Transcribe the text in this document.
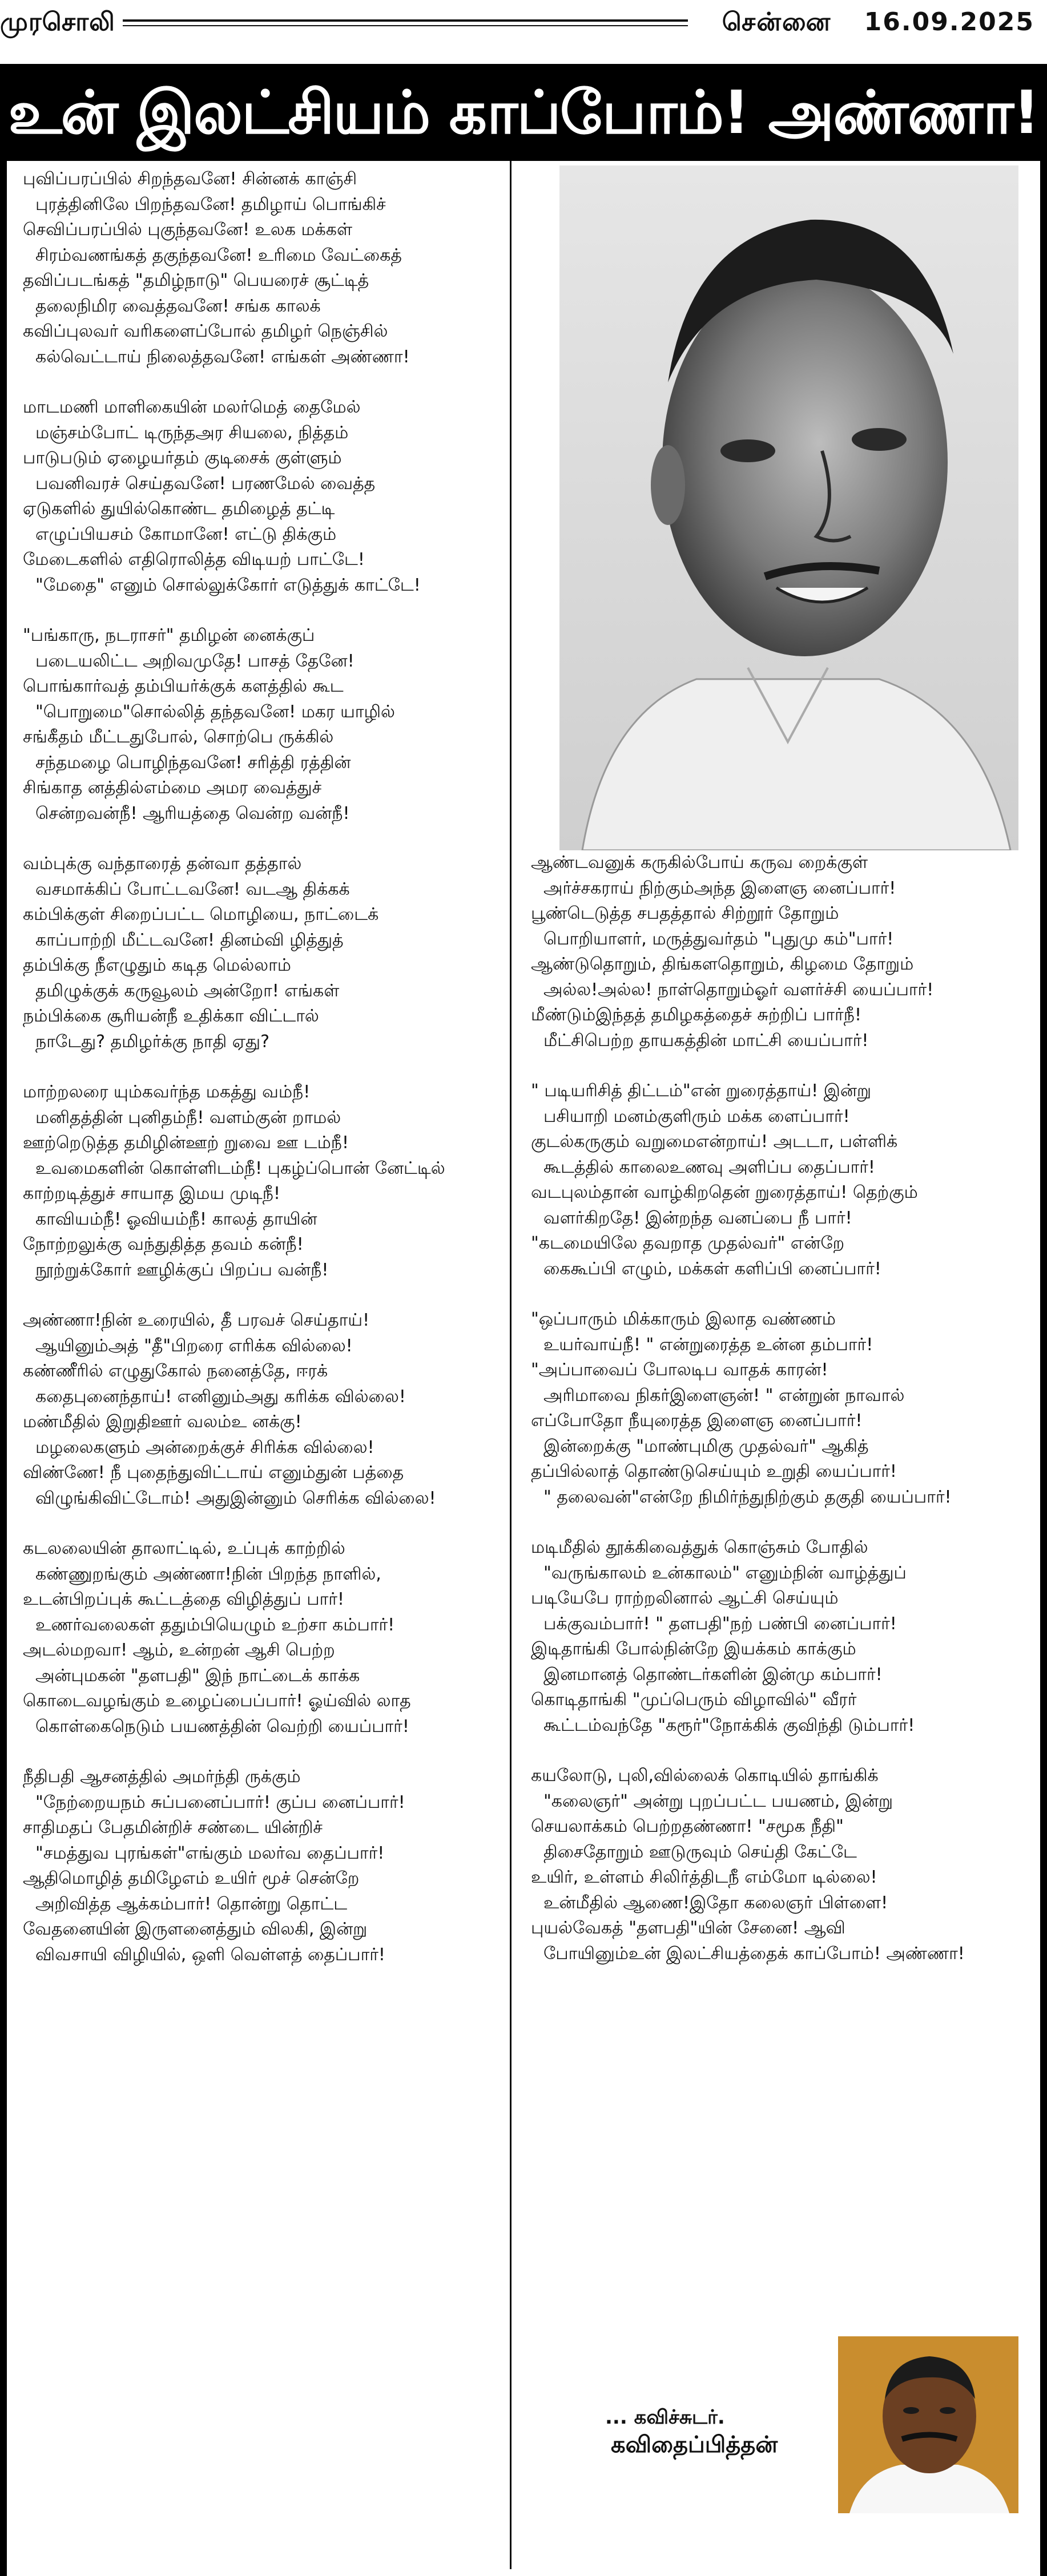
முரசொலி	சென்னை 16.09.2025
உன் இலட்சியம் காப்போம்! அண்ணா!
புவிப்பரப்பில் சிறந்தவனே! சின்னக் காஞ்சி
புரத்தினிலே பிறந்தவனே! தமிழாய் பொங்கிச்
செவிப்பரப்பில் புகுந்தவனே! உலக மக்கள்
சிரம்வணங்கத் தகுந்தவனே! உரிமை வேட்கைத்
தவிப்படங்கத் "தமிழ்நாடு" பெயரைச் சூட்டித்
தலைநிமிர வைத்தவனே! சங்க காலக்
கவிப்புலவர் வரிகளைப்போல் தமிழர் நெஞ்சில்
கல்வெட்டாய் நிலைத்தவனே! எங்கள் அண்ணா!
மாடமணி மாளிகையின் மலர்மெத் தைமேல்
மஞ்சம்போட் டிருந்தஅர சியலை, நித்தம்
பாடுபடும் ஏழையர்தம் குடிசைக் குள்ளும்
பவனிவரச் செய்தவனே! பரணமேல் வைத்த
ஏடுகளில் துயில்கொண்ட தமிழைத் தட்டி
எழுப்பியசம் கோமானே! எட்டு திக்கும்
மேடைகளில் எதிரொலித்த விடியற் பாட்டே!
"மேதை" எனும் சொல்லுக்கோர் எடுத்துக் காட்டே!
"பங்காரு, நடராசர்" தமிழன் னைக்குப்
படையலிட்ட அறிவமுதே! பாசத் தேனே!
பொங்கார்வத் தம்பியர்க்குக் களத்தில் கூட
"பொறுமை"சொல்லித் தந்தவனே! மகர யாழில்
சங்கீதம் மீட்டதுபோல், சொற்பெ ருக்கில்
சந்தமழை பொழிந்தவனே! சரித்தி ரத்தின்
சிங்காத னத்தில்எம்மை அமர வைத்துச்
சென்றவன்நீ! ஆரியத்தை வென்ற வன்நீ!
வம்புக்கு வந்தாரைத் தன்வா தத்தால்
வசமாக்கிப் போட்டவனே! வடஆ திக்கக்
கம்பிக்குள் சிறைப்பட்ட மொழியை, நாட்டைக்
காப்பாற்றி மீட்டவனே! தினம்வி ழித்துத்
தம்பிக்கு நீஎழுதும் கடித மெல்லாம்
தமிழுக்குக் கருவூலம் அன்றோ! எங்கள்
நம்பிக்கை சூரியன்நீ உதிக்கா விட்டால்
நாடேது? தமிழர்க்கு நாதி ஏது?
மாற்றலரை யும்கவர்ந்த மகத்து வம்நீ!
மனிதத்தின் புனிதம்நீ! வளம்குன் றாமல்
ஊற்றெடுத்த தமிழின்ஊற் றுவை ஊ டம்நீ!
உவமைகளின் கொள்ளிடம்நீ! புகழ்ப்பொன் னேட்டில்
காற்றடித்துச் சாயாத இமய முடிநீ!
காவியம்நீ! ஓவியம்நீ! காலத் தாயின்
நோற்றலுக்கு வந்துதித்த தவம் கன்நீ!
நூற்றுக்கோர் ஊழிக்குப் பிறப்ப வன்நீ!
அண்ணா!நின் உரையில், தீ பரவச் செய்தாய்!
ஆயினும்அத் "தீ"பிறரை எரிக்க வில்லை!
கண்ணீரில் எழுதுகோல் நனைத்தே, ஈரக்
கதைபுனைந்தாய்! எனினும்அது கரிக்க வில்லை!
மண்மீதில் இறுதிஊர் வலம்உ னக்கு!
மழலைகளும் அன்றைக்குச் சிரிக்க வில்லை!
விண்ணே! நீ புதைந்துவிட்டாய் எனும்துன் பத்தை
விழுங்கிவிட்டோம்! அதுஇன்னும் செரிக்க வில்லை!
கடலலையின் தாலாட்டில், உப்புக் காற்றில்
கண்ணுறங்கும் அண்ணா!நின் பிறந்த நாளில்,
உடன்பிறப்புக் கூட்டத்தை விழித்துப் பார்!
உணர்வலைகள் ததும்பியெழும் உற்சா கம்பார்!
அடல்மறவா! ஆம், உன்றன் ஆசி பெற்ற
அன்புமகன் "தளபதி" இந் நாட்டைக் காக்க
கொடைவழங்கும் உழைப்பைப்பார்! ஓய்வில் லாத
கொள்கைநெடும் பயணத்தின் வெற்றி யைப்பார்!
நீதிபதி ஆசனத்தில் அமர்ந்தி ருக்கும்
"நேற்றையநம் சுப்பனைப்பார்! குப்ப னைப்பார்!
சாதிமதப் பேதமின்றிச் சண்டை யின்றிச்
"சமத்துவ புரங்கள்"எங்கும் மலர்வ தைப்பார்!
ஆதிமொழித் தமிழேஎம் உயிர் மூச் சென்றே
அறிவித்த ஆக்கம்பார்! தொன்று தொட்ட
வேதனையின் இருளனைத்தும் விலகி, இன்று
விவசாயி விழியில், ஒளி வெள்ளத் தைப்பார்!
ஆண்டவனுக் கருகில்போய் கருவ றைக்குள்
அர்ச்சகராய் நிற்கும்அந்த இளைஞ னைப்பார்!
பூண்டெடுத்த சபதத்தால் சிற்றூர் தோறும்
பொறியாளர், மருத்துவர்தம் "புதுமு கம்"பார்!
ஆண்டுதொறும், திங்களதொறும், கிழமை தோறும்
அல்ல!அல்ல! நாள்தொறும்ஓர் வளர்ச்சி யைப்பார்!
மீண்டும்இந்தத் தமிழகத்தைச் சுற்றிப் பார்நீ!
மீட்சிபெற்ற தாயகத்தின் மாட்சி யைப்பார்!
" படியரிசித் திட்டம்"என் றுரைத்தாய்! இன்று
பசியாறி மனம்குளிரும் மக்க ளைப்பார்!
குடல்கருகும் வறுமைஎன்றாய்! அடடா, பள்ளிக்
கூடத்தில் காலைஉணவு அளிப்ப தைப்பார்!
வடபுலம்தான் வாழ்கிறதென் றுரைத்தாய்! தெற்கும்
வளர்கிறதே! இன்றந்த வனப்பை நீ பார்!
"கடமையிலே தவறாத முதல்வர்" என்றே
கைகூப்பி எழும், மக்கள் களிப்பி னைப்பார்!
"ஒப்பாரும் மிக்காரும் இலாத வண்ணம்
உயர்வாய்நீ! " என்றுரைத்த உன்ன தம்பார்!
"அப்பாவைப் போலடிப வாதக் காரன்!
அரிமாவை நிகர்இளைஞன்! " என்றுன் நாவால்
எப்போதோ நீயுரைத்த இளைஞ னைப்பார்!
இன்றைக்கு "மாண்புமிகு முதல்வர்" ஆகித்
தப்பில்லாத் தொண்டுசெய்யும் உறுதி யைப்பார்!
" தலைவன்"என்றே நிமிர்ந்துநிற்கும் தகுதி யைப்பார்!
மடிமீதில் தூக்கிவைத்துக் கொஞ்சும் போதில்
"வருங்காலம் உன்காலம்" எனும்நின் வாழ்த்துப்
படியேபே ராற்றலினால் ஆட்சி செய்யும்
பக்குவம்பார்! " தளபதி"நற் பண்பி னைப்பார்!
இடிதாங்கி போல்நின்றே இயக்கம் காக்கும்
இனமானத் தொண்டர்களின் இன்மு கம்பார்!
கொடிதாங்கி "முப்பெரும் விழாவில்" வீரர்
கூட்டம்வந்தே "கரூர்"நோக்கிக் குவிந்தி டும்பார்!
கயலோடு, புலி,வில்லைக் கொடியில் தாங்கிக்
"கலைஞர்" அன்று புறப்பட்ட பயணம், இன்று
செயலாக்கம் பெற்றதண்ணா! "சமூக நீதி"
திசைதோறும் ஊடுருவும் செய்தி கேட்டே
உயிர், உள்ளம் சிலிர்த்திடநீ எம்மோ டில்லை!
உன்மீதில் ஆணை!இதோ கலைஞர் பிள்ளை!
புயல்வேகத் "தளபதி"யின் சேனை! ஆவி
போயினும்உன் இலட்சியத்தைக் காப்போம்! அண்ணா!
... கவிச்சுடர்.
கவிதைப்பித்தன்
